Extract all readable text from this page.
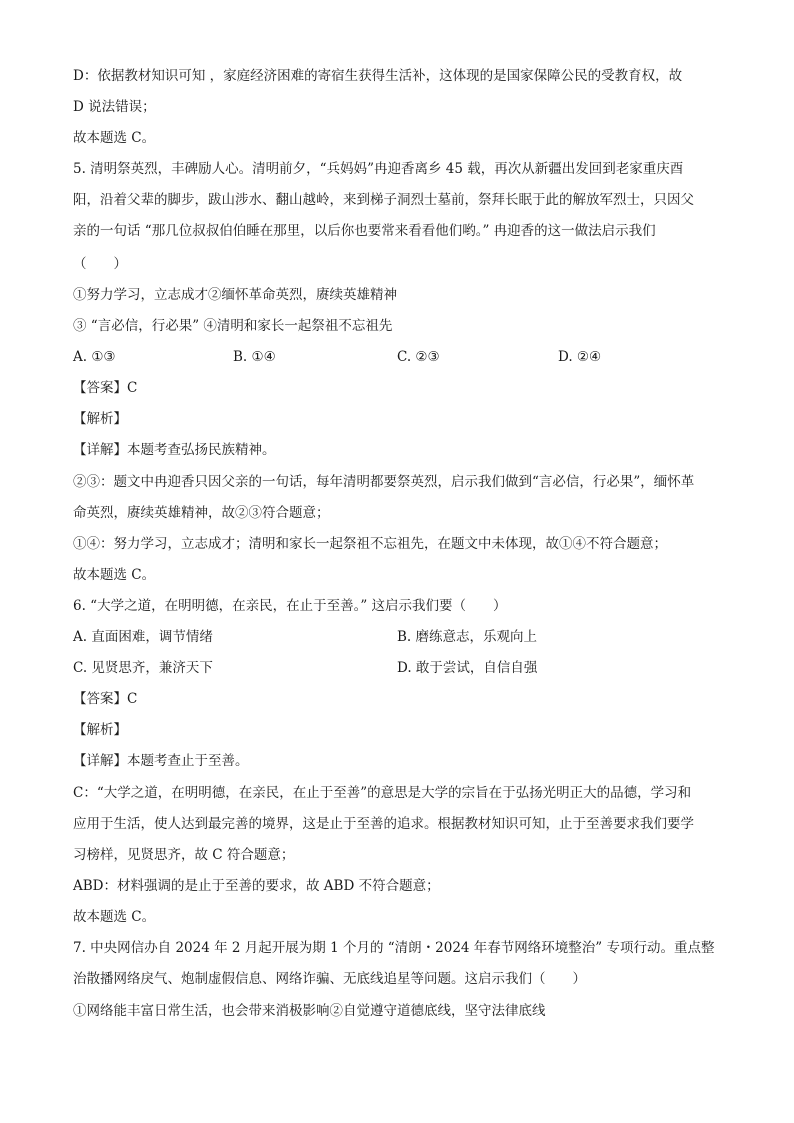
D：依据教材知识可知 ，家庭经济困难的寄宿生获得生活补，这体现的是国家保障公民的受教育权，故
D 说法错误；
故本题选 C。
5. 清明祭英烈，丰碑励人心。清明前夕，“兵妈妈”冉迎香离乡 45 载，再次从新疆出发回到老家重庆酉
阳，沿着父辈的脚步，跋山涉水、翻山越岭，来到梯子洞烈士墓前，祭拜长眠于此的解放军烈士，只因父
亲的一句话 “那几位叔叔伯伯睡在那里，以后你也要常来看看他们哟。” 冉迎香的这一做法启示我们
（　　）
①努力学习，立志成才②缅怀革命英烈，赓续英雄精神
③ “言必信，行必果” ④清明和家长一起祭祖不忘祖先
A. ①③	B. ①④	C. ②③	D. ②④
【答案】C
【解析】
【详解】本题考查弘扬民族精神。
②③：题文中冉迎香只因父亲的一句话，每年清明都要祭英烈，启示我们做到“言必信，行必果”，缅怀革
命英烈，赓续英雄精神，故②③符合题意；
①④：努力学习，立志成才；清明和家长一起祭祖不忘祖先，在题文中未体现，故①④不符合题意；
故本题选 C。
6. “大学之道，在明明德，在亲民，在止于至善。” 这启示我们要（　　）
A. 直面困难，调节情绪	B. 磨练意志，乐观向上
C. 见贤思齐，兼济天下	D. 敢于尝试，自信自强
【答案】C
【解析】
【详解】本题考查止于至善。
C：“大学之道，在明明德，在亲民，在止于至善”的意思是大学的宗旨在于弘扬光明正大的品德，学习和
应用于生活，使人达到最完善的境界，这是止于至善的追求。根据教材知识可知，止于至善要求我们要学
习榜样，见贤思齐，故 C 符合题意；
ABD：材料强调的是止于至善的要求，故 ABD 不符合题意；
故本题选 C。
7. 中央网信办自 2024 年 2 月起开展为期 1 个月的 “清朗・2024 年春节网络环境整治” 专项行动。重点整
治散播网络戾气、炮制虚假信息、网络诈骗、无底线追星等问题。这启示我们（　　）
①网络能丰富日常生活，也会带来消极影响②自觉遵守道德底线，坚守法律底线
